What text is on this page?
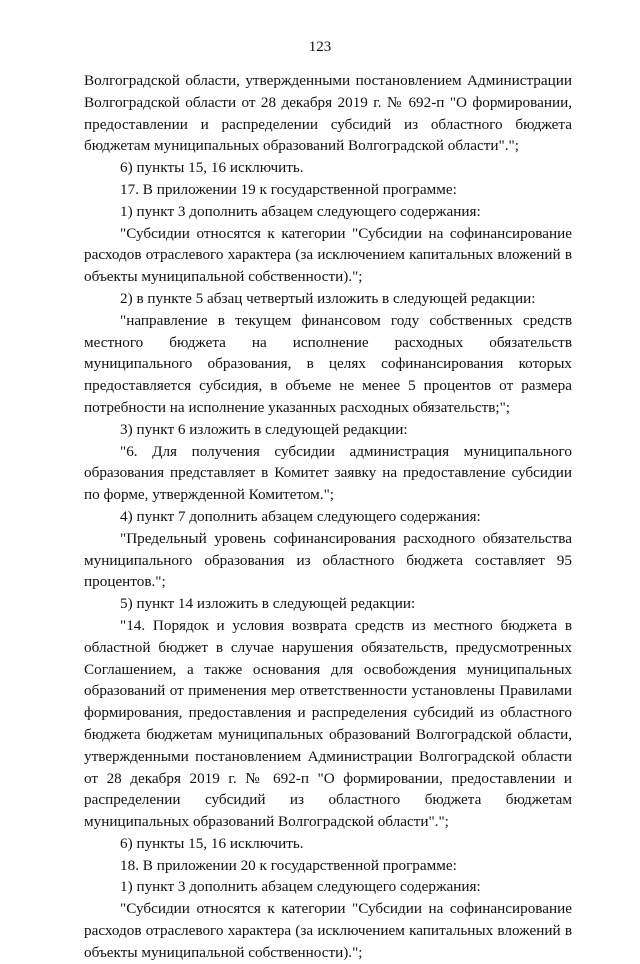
123

Волгоградской области, утвержденными постановлением Администрации Волгоградской области от 28 декабря 2019 г. № 692-п "О формировании, предоставлении и распределении субсидий из областного бюджета бюджетам муниципальных образований Волгоградской области".";

6) пункты 15, 16 исключить.

17. В приложении 19 к государственной программе:

1) пункт 3 дополнить абзацем следующего содержания:

"Субсидии относятся к категории "Субсидии на софинансирование расходов отраслевого характера (за исключением капитальных вложений в объекты муниципальной собственности).";

2) в пункте 5 абзац четвертый изложить в следующей редакции:

"направление в текущем финансовом году собственных средств местного бюджета на исполнение расходных обязательств муниципального образования, в целях софинансирования которых предоставляется субсидия, в объеме не менее 5 процентов от размера потребности на исполнение указанных расходных обязательств;";

3) пункт 6 изложить в следующей редакции:

"6. Для получения субсидии администрация муниципального образования представляет в Комитет заявку на предоставление субсидии по форме, утвержденной Комитетом.";

4) пункт 7 дополнить абзацем следующего содержания:

"Предельный уровень софинансирования расходного обязательства муниципального образования из областного бюджета составляет 95 процентов.";

5) пункт 14 изложить в следующей редакции:

"14. Порядок и условия возврата средств из местного бюджета в областной бюджет в случае нарушения обязательств, предусмотренных Соглашением, а также основания для освобождения муниципальных образований от применения мер ответственности установлены Правилами формирования, предоставления и распределения субсидий из областного бюджета бюджетам муниципальных образований Волгоградской области, утвержденными постановлением Администрации Волгоградской области от 28 декабря 2019 г. № 692-п "О формировании, предоставлении и распределении субсидий из областного бюджета бюджетам муниципальных образований Волгоградской области".";

6) пункты 15, 16 исключить.

18. В приложении 20 к государственной программе:

1) пункт 3 дополнить абзацем следующего содержания:

"Субсидии относятся к категории "Субсидии на софинансирование расходов отраслевого характера (за исключением капитальных вложений в объекты муниципальной собственности).";
